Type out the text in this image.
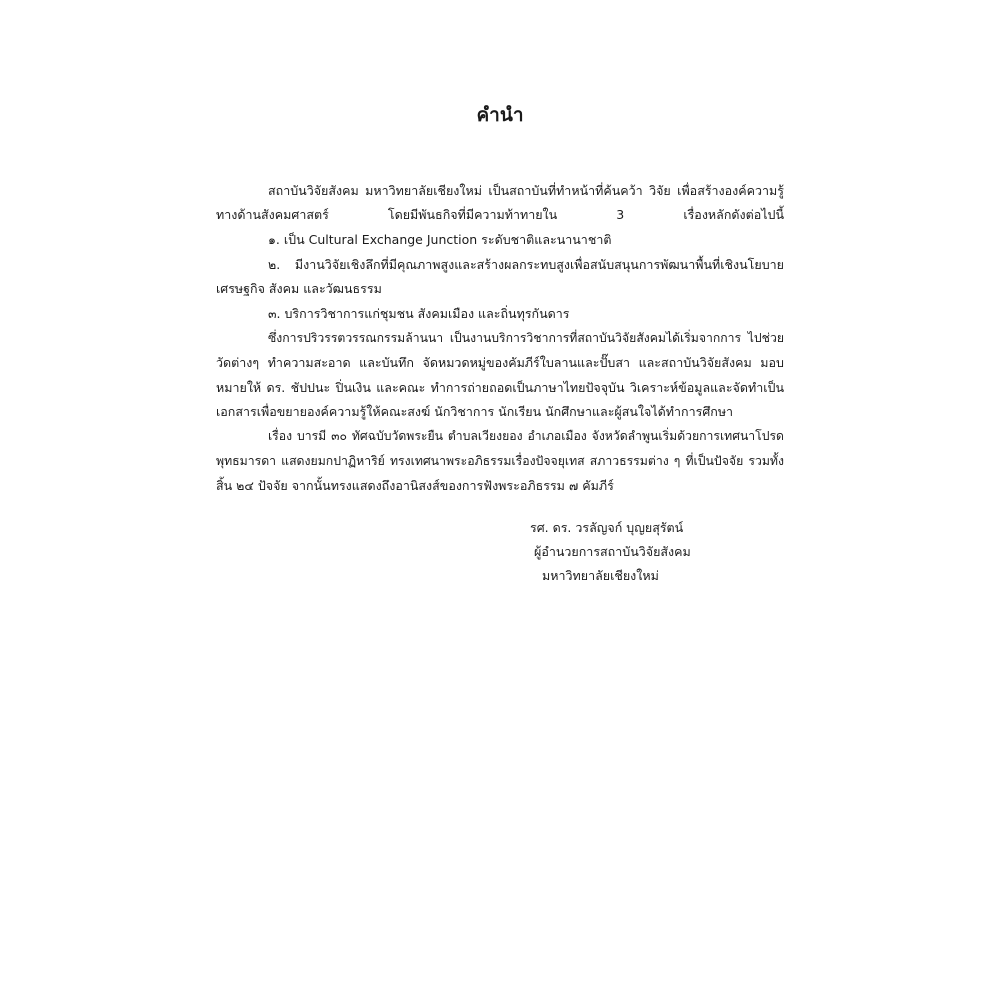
คำนำ
สถาบันวิจัยสังคม มหาวิทยาลัยเชียงใหม่ เป็นสถาบันที่ทำหน้าที่ค้นคว้า วิจัย เพื่อสร้างองค์ความรู้
ทางด้านสังคมศาสตร์ โดยมีพันธกิจที่มีความท้าทายใน 3 เรื่องหลักดังต่อไปนี้
๑. เป็น Cultural Exchange Junction ระดับชาติและนานาชาติ
๒. มีงานวิจัยเชิงลึกที่มีคุณภาพสูงและสร้างผลกระทบสูงเพื่อสนับสนุนการพัฒนาพื้นที่เชิงนโยบาย
เศรษฐกิจ สังคม และวัฒนธรรม
๓. บริการวิชาการแก่ชุมชน สังคมเมือง และถิ่นทุรกันดาร
ซึ่งการปริวรรตวรรณกรรมล้านนา เป็นงานบริการวิชาการที่สถาบันวิจัยสังคมได้เริ่มจากการ ไปช่วย
วัดต่างๆ ทำความสะอาด และบันทึก จัดหมวดหมู่ของคัมภีร์ใบลานและปั๊บสา และสถาบันวิจัยสังคม มอบ
หมายให้ ดร. ชัปปนะ ปิ่นเงิน และคณะ ทำการถ่ายถอดเป็นภาษาไทยปัจจุบัน วิเคราะห์ข้อมูลและจัดทำเป็น
เอกสารเพื่อขยายองค์ความรู้ให้คณะสงฆ์ นักวิชาการ นักเรียน นักศึกษาและผู้สนใจได้ทำการศึกษา
เรื่อง บารมี ๓๐ ทัศฉบับวัดพระยืน ตำบลเวียงยอง อำเภอเมือง จังหวัดลำพูนเริ่มด้วยการเทศนาโปรด
พุทธมารดา แสดงยมกปาฏิหาริย์ ทรงเทศนาพระอภิธรรมเรื่องปัจจยุเทส สภาวธรรมต่าง ๆ ที่เป็นปัจจัย รวมทั้ง
สิ้น ๒๔ ปัจจัย จากนั้นทรงแสดงถึงอานิสงส์ของการฟังพระอภิธรรม ๗ คัมภีร์
รศ. ดร. วรลัญจก์ บุญยสุรัตน์
ผู้อำนวยการสถาบันวิจัยสังคม
มหาวิทยาลัยเชียงใหม่
